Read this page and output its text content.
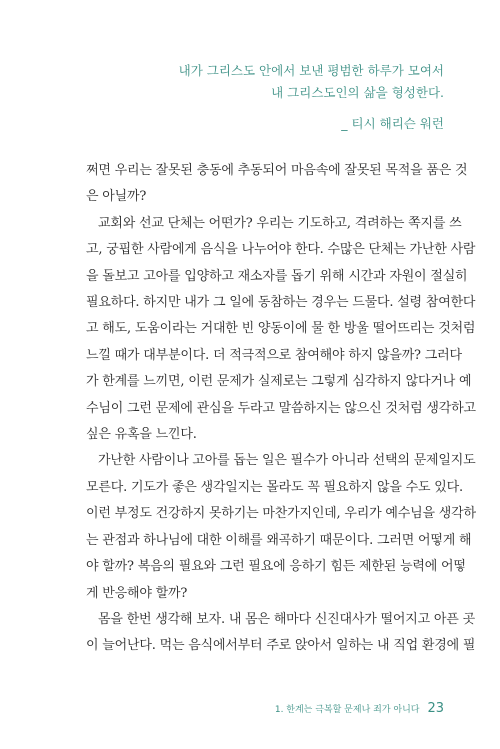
내가 그리스도 안에서 보낸 평범한 하루가 모여서
내 그리스도인의 삶을 형성한다.
_ 티시 해리슨 워런
쩌면 우리는 잘못된 충동에 추동되어 마음속에 잘못된 목적을 품은 것
은 아닐까?
교회와 선교 단체는 어떤가? 우리는 기도하고, 격려하는 쪽지를 쓰
고, 궁핍한 사람에게 음식을 나누어야 한다. 수많은 단체는 가난한 사람
을 돌보고 고아를 입양하고 재소자를 돕기 위해 시간과 자원이 절실히
필요하다. 하지만 내가 그 일에 동참하는 경우는 드물다. 설령 참여한다
고 해도, 도움이라는 거대한 빈 양동이에 물 한 방울 떨어뜨리는 것처럼
느낄 때가 대부분이다. 더 적극적으로 참여해야 하지 않을까? 그러다
가 한계를 느끼면, 이런 문제가 실제로는 그렇게 심각하지 않다거나 예
수님이 그런 문제에 관심을 두라고 말씀하지는 않으신 것처럼 생각하고
싶은 유혹을 느낀다.
가난한 사람이나 고아를 돕는 일은 필수가 아니라 선택의 문제일지도
모른다. 기도가 좋은 생각일지는 몰라도 꼭 필요하지 않을 수도 있다.
이런 부정도 건강하지 못하기는 마찬가지인데, 우리가 예수님을 생각하
는 관점과 하나님에 대한 이해를 왜곡하기 때문이다. 그러면 어떻게 해
야 할까? 복음의 필요와 그런 필요에 응하기 힘든 제한된 능력에 어떻
게 반응해야 할까?
몸을 한번 생각해 보자. 내 몸은 해마다 신진대사가 떨어지고 아픈 곳
이 늘어난다. 먹는 음식에서부터 주로 앉아서 일하는 내 직업 환경에 필
1. 한계는 극복할 문제나 죄가 아니다 23
